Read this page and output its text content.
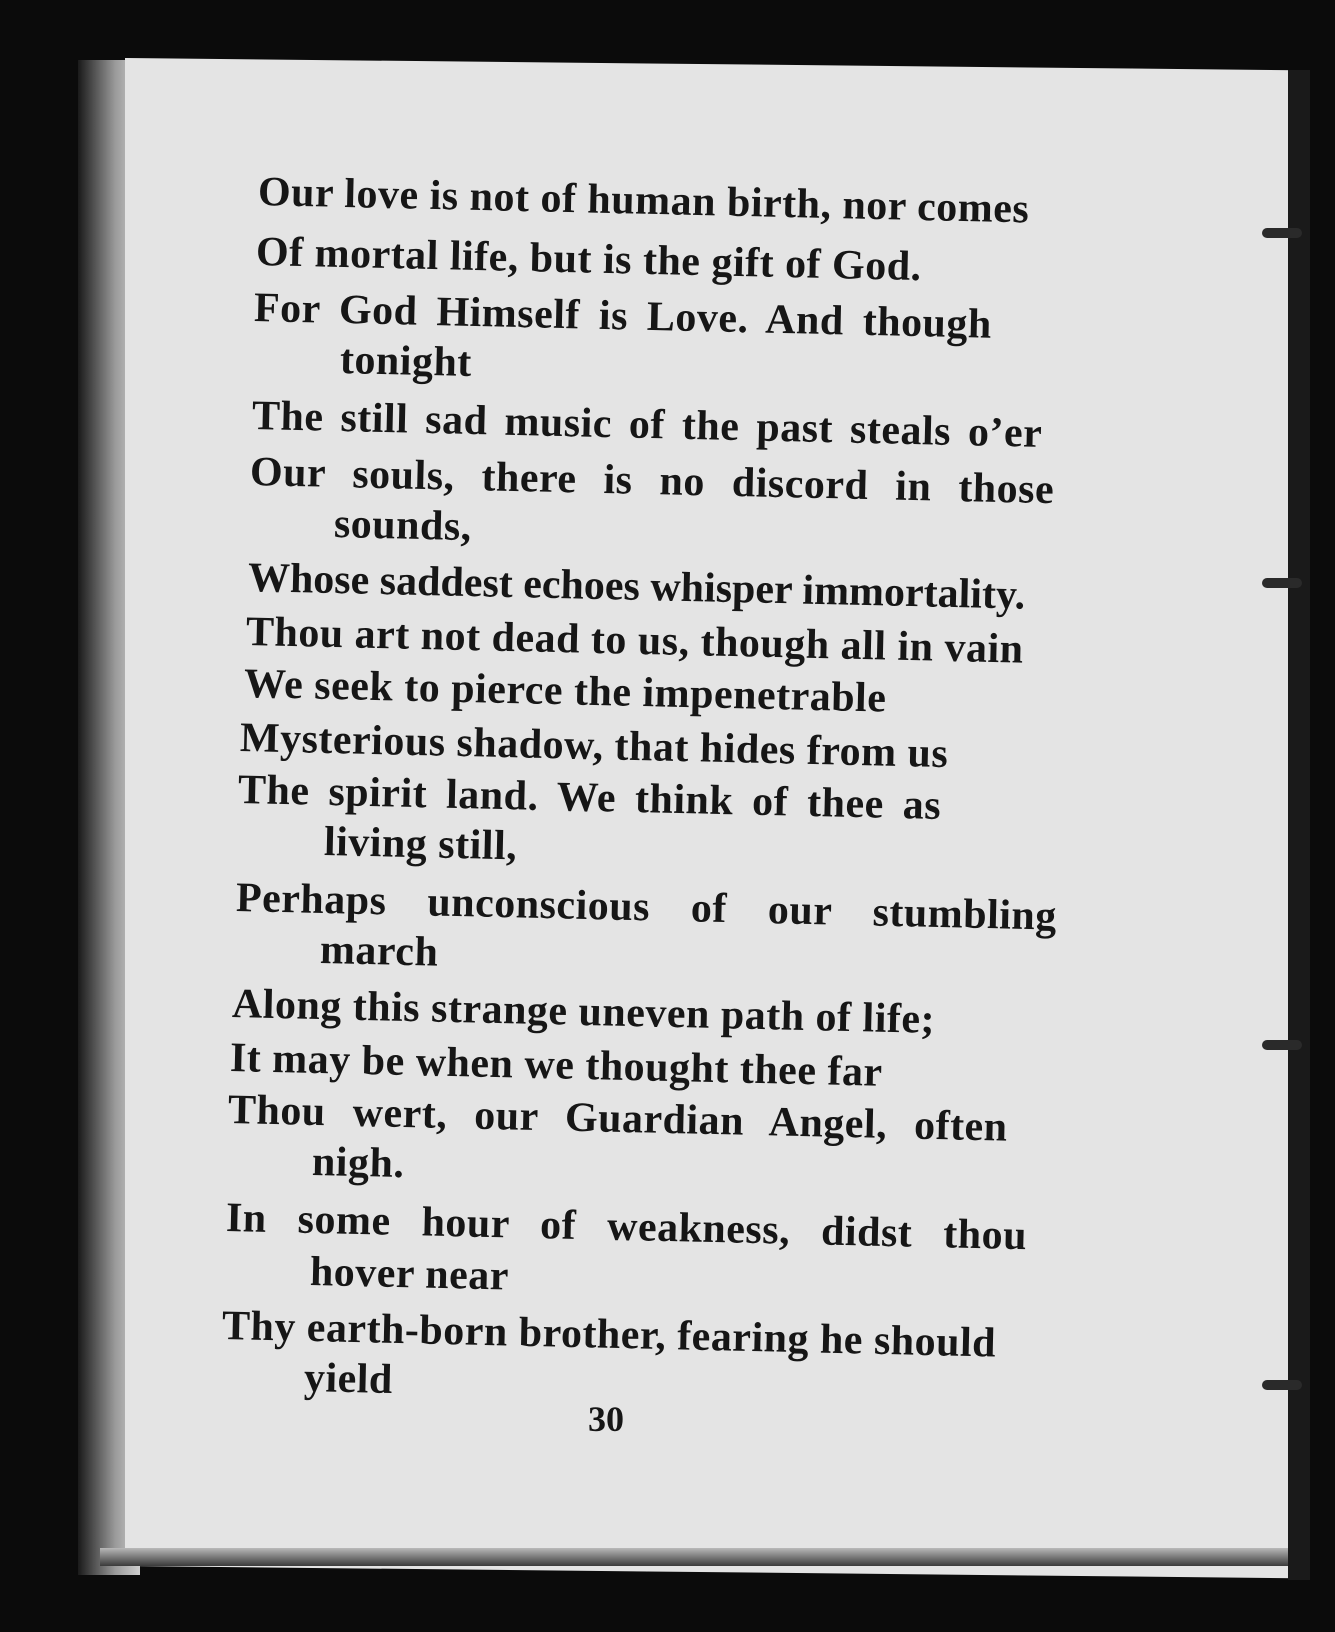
Our love is not of human birth, nor comes
Of mortal life, but is the gift of God.
For God Himself is Love. And though
tonight
The still sad music of the past steals o’er
Our souls, there is no discord in those
sounds,
Whose saddest echoes whisper immortality.
Thou art not dead to us, though all in vain
We seek to pierce the impenetrable
Mysterious shadow, that hides from us
The spirit land. We think of thee as
living still,
Perhaps unconscious of our stumbling
march
Along this strange uneven path of life;
It may be when we thought thee far
Thou wert, our Guardian Angel, often
nigh.
In some hour of weakness, didst thou
hover near
Thy earth-born brother, fearing he should
yield
30
